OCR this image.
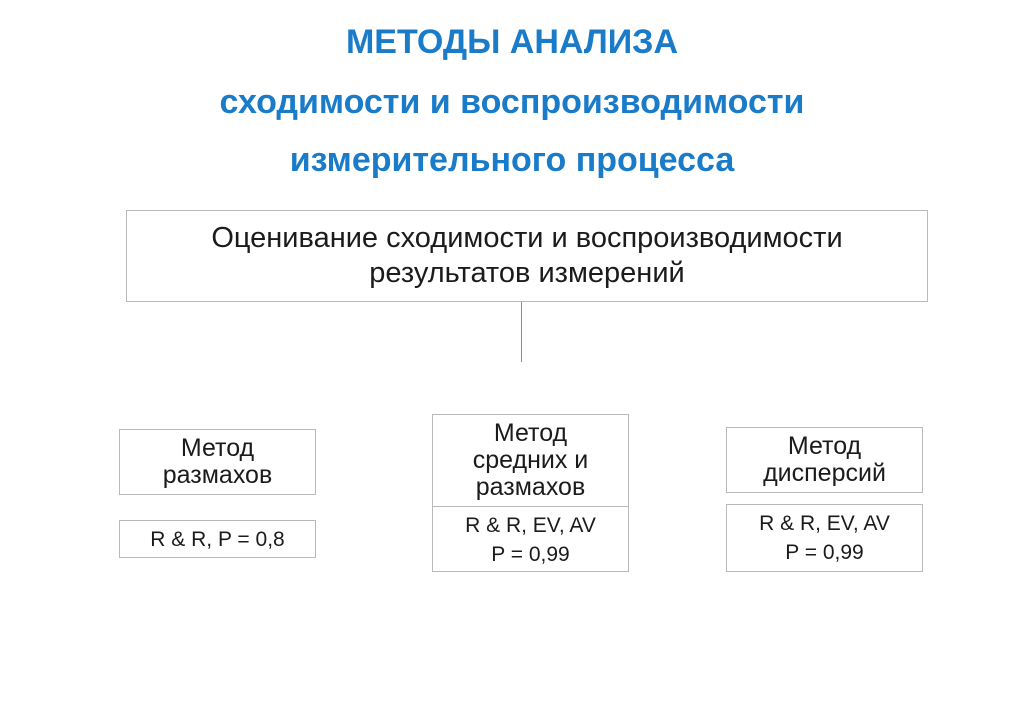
МЕТОДЫ АНАЛИЗА
сходимости и воспроизводимости
измерительного процесса
Оценивание сходимости и воспроизводимости
результатов измерений
Метод
размахов
R & R, P = 0,8
R & R, EV, AV
P = 0,99
Метод
средних и
размахов
Метод
дисперсий
R & R, EV, AV
P = 0,99
